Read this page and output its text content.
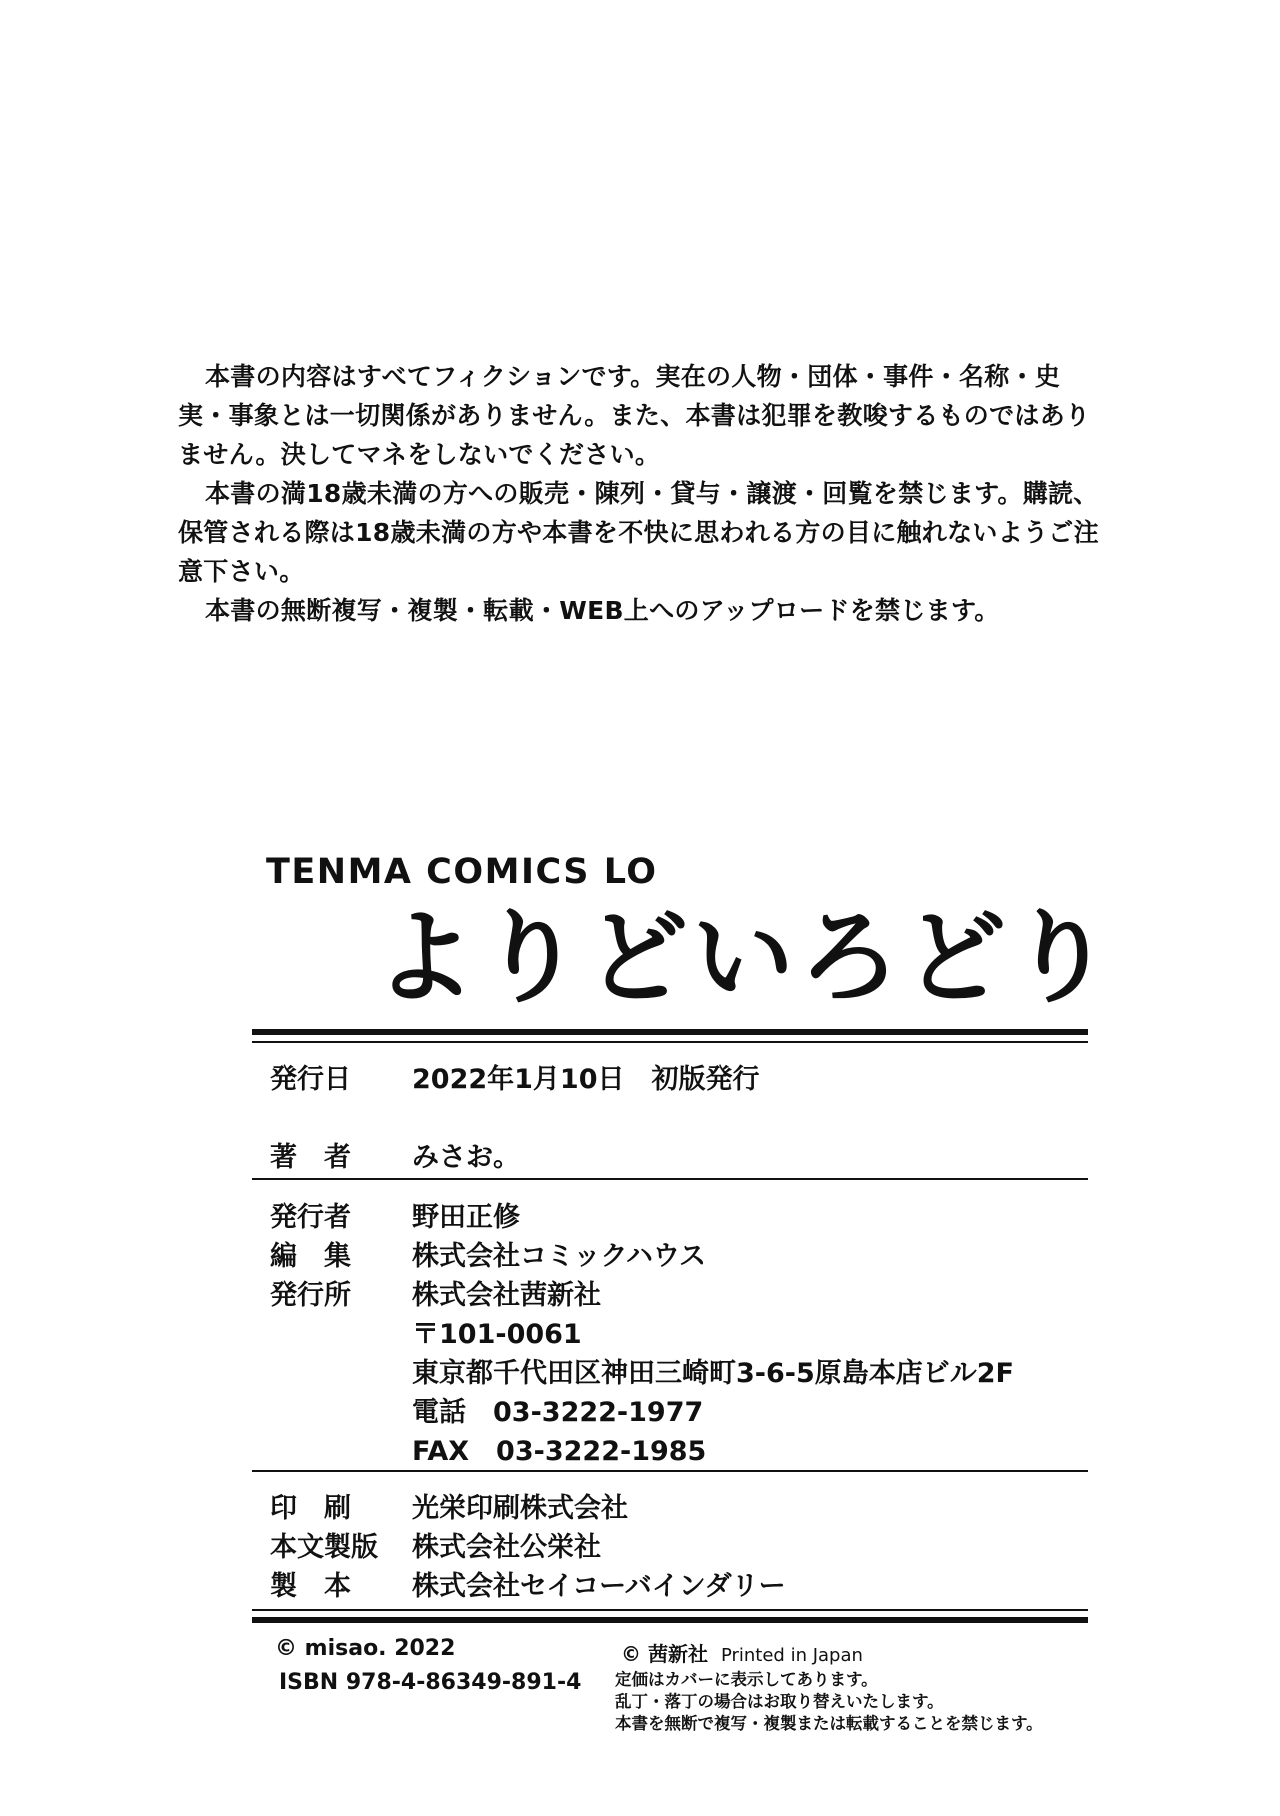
本書の内容はすべてフィクションです。実在の人物・団体・事件・名称・史実・事象とは一切関係がありません。また、本書は犯罪を教唆するものではありません。決してマネをしないでください。

本書の満18歳未満の方への販売・陳列・貸与・譲渡・回覧を禁じます。購読、保管される際は18歳未満の方や本書を不快に思われる方の目に触れないようご注意下さい。

本書の無断複写・複製・転載・WEB上へのアップロードを禁じます。

TENMA COMICS LO
よりどいろどり
発行日	2022年1月10日　初版発行
著　者	みさお。
発行者	野田正修
編　集	株式会社コミックハウス
発行所	株式会社茜新社
〒101-0061
東京都千代田区神田三崎町3-6-5原島本店ビル2F
電話　03-3222-1977
FAX　03-3222-1985
印　刷	光栄印刷株式会社
本文製版	株式会社公栄社
製　本	株式会社セイコーバインダリー
© misao. 2022
ISBN 978-4-86349-891-4
© 茜新社 Printed in Japan
定価はカバーに表示してあります。
乱丁・落丁の場合はお取り替えいたします。
本書を無断で複写・複製または転載することを禁じます。
